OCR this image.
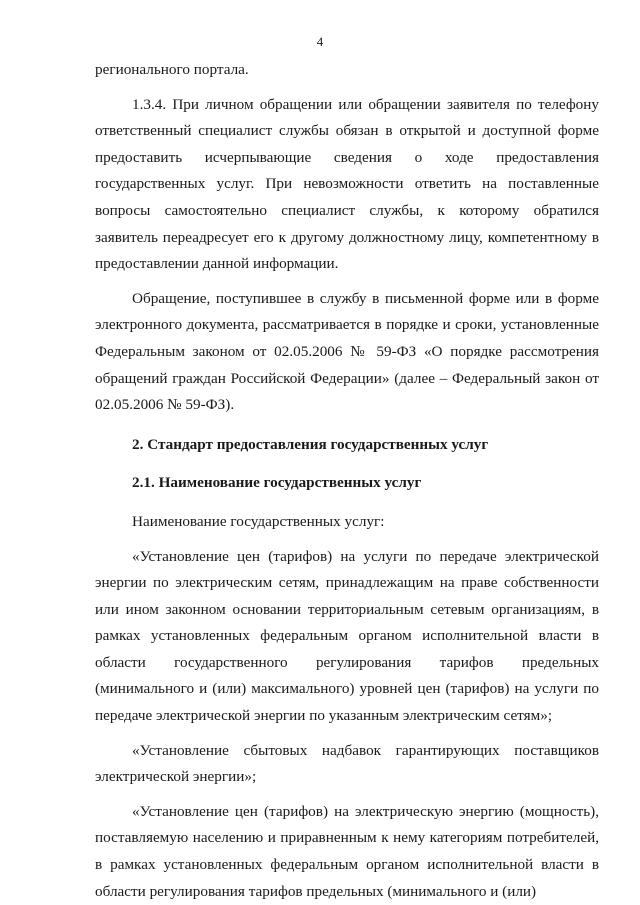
4

регионального портала.

1.3.4. При личном обращении или обращении заявителя по телефону ответственный специалист службы обязан в открытой и доступной форме предоставить исчерпывающие сведения о ходе предоставления государственных услуг. При невозможности ответить на поставленные вопросы самостоятельно специалист службы, к которому обратился заявитель переадресует его к другому должностному лицу, компетентному в предоставлении данной информации.

Обращение, поступившее в службу в письменной форме или в форме электронного документа, рассматривается в порядке и сроки, установленные Федеральным законом от 02.05.2006 № 59-ФЗ «О порядке рассмотрения обращений граждан Российской Федерации» (далее – Федеральный закон от 02.05.2006 № 59-ФЗ).

2. Стандарт предоставления государственных услуг

2.1. Наименование государственных услуг

Наименование государственных услуг:

«Установление цен (тарифов) на услуги по передаче электрической энергии по электрическим сетям, принадлежащим на праве собственности или ином законном основании территориальным сетевым организациям, в рамках установленных федеральным органом исполнительной власти в области государственного регулирования тарифов предельных (минимального и (или) максимального) уровней цен (тарифов) на услуги по передаче электрической энергии по указанным электрическим сетям»;

«Установление сбытовых надбавок гарантирующих поставщиков электрической энергии»;

«Установление цен (тарифов) на электрическую энергию (мощность), поставляемую населению и приравненным к нему категориям потребителей, в рамках установленных федеральным органом исполнительной власти в области регулирования тарифов предельных (минимального и (или)
